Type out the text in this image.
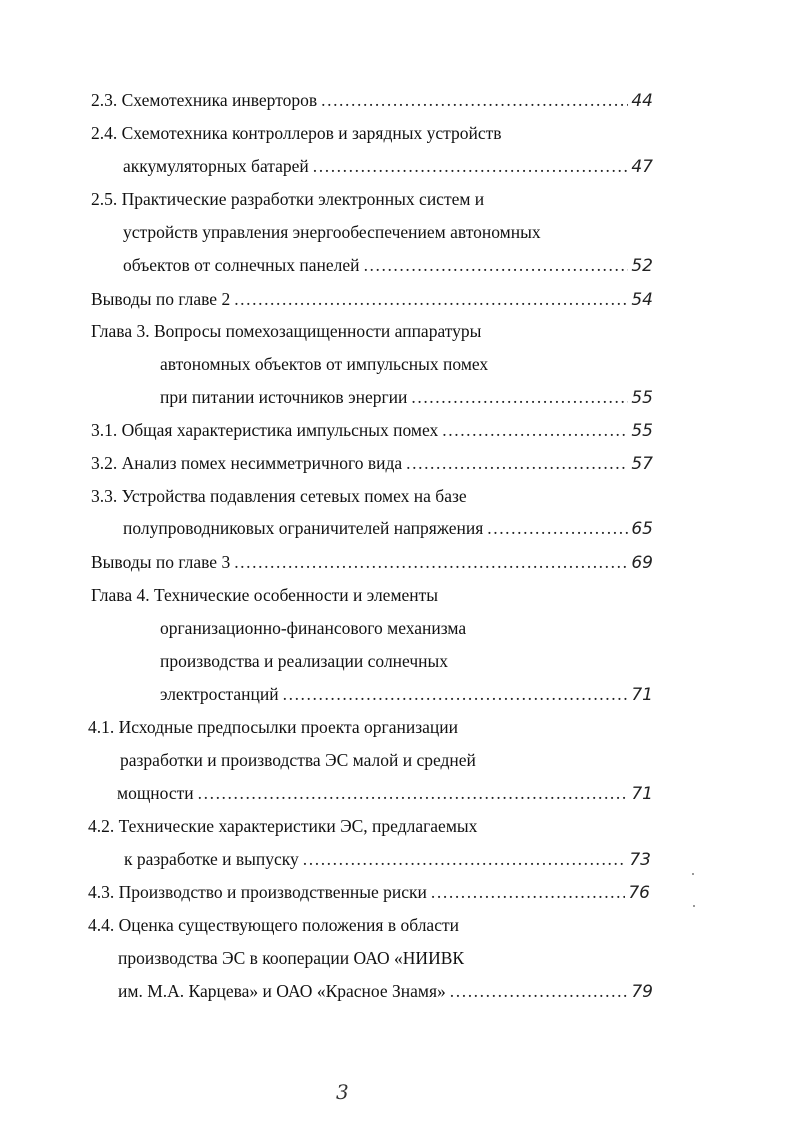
2.3. Схемотехника инверторов .....	44
2.4. Схемотехника контроллеров и зарядных устройств
аккумуляторных батарей .....	47
2.5. Практические разработки электронных систем и
устройств управления энергообеспечением автономных
объектов от солнечных панелей .....	52
Выводы по главе 2 .....	54
Глава 3. Вопросы помехозащищенности аппаратуры
автономных объектов от импульсных помех
при питании источников энергии .....	55
3.1. Общая характеристика импульсных помех .....	55
3.2. Анализ помех несимметричного вида .....	57
3.3. Устройства подавления сетевых помех на базе
полупроводниковых ограничителей напряжения .....	65
Выводы по главе 3 .....	69
Глава 4. Технические особенности и элементы
организационно-финансового механизма
производства и реализации солнечных
электростанций .....	71
4.1. Исходные предпосылки проекта организации
разработки и производства ЭС малой и средней
мощности .....	71
4.2. Технические характеристики ЭС, предлагаемых
к разработке и выпуску .....	73
4.3. Производство и производственные риски .....	76
4.4. Оценка существующего положения в области
производства ЭС в кооперации ОАО «НИИВК
им. М.А. Карцева» и ОАО «Красное Знамя» .....	79
3
